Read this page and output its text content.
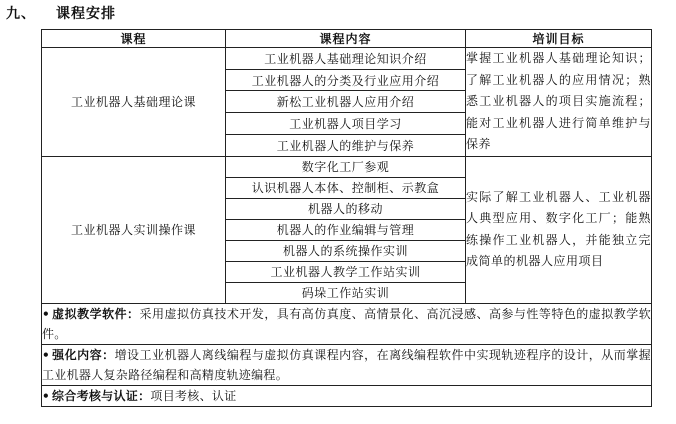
九、 课程安排
课程	课程内容	培训目标
工业机器人基础理论课	工业机器人基础理论知识介绍	掌握工业机器人基础理论知识；了解工业机器人的应用情况；熟悉工业机器人的项目实施流程；能对工业机器人进行简单维护与保养
	工业机器人的分类及行业应用介绍	
	新松工业机器人应用介绍	
	工业机器人项目学习	
	工业机器人的维护与保养	
工业机器人实训操作课	数字化工厂参观	实际了解工业机器人、工业机器人典型应用、数字化工厂；能熟练操作工业机器人，并能独立完成简单的机器人应用项目
	认识机器人本体、控制柜、示教盒	
	机器人的移动	
	机器人的作业编辑与管理	
	机器人的系统操作实训	
	工业机器人教学工作站实训	
	码垛工作站实训	
• 虚拟教学软件：采用虚拟仿真技术开发，具有高仿真度、高情景化、高沉浸感、高参与性等特色的虚拟教学软件。		
• 强化内容：增设工业机器人离线编程与虚拟仿真课程内容，在离线编程软件中实现轨迹程序的设计，从而掌握工业机器人复杂路径编程和高精度轨迹编程。		
• 综合考核与认证：项目考核、认证		
